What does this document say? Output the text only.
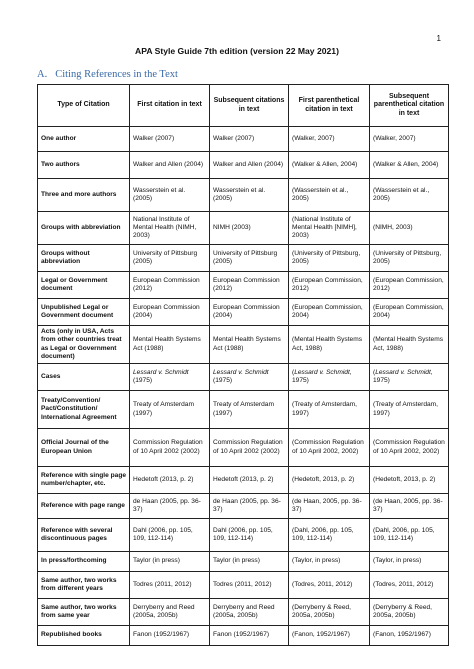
1
APA Style Guide 7th edition (version 22 May 2021)
A. Citing References in the Text
Type of Citation	First citation in text	Subsequent citations in text	First parenthetical citation in text	Subsequent parenthetical citation in text
One author	Walker (2007)	Walker (2007)	(Walker, 2007)	(Walker, 2007)
Two authors	Walker and Allen (2004)	Walker and Allen (2004)	(Walker & Allen, 2004)	(Walker & Allen, 2004)
Three and more authors	Wasserstein et al. (2005)	Wasserstein et al. (2005)	(Wasserstein et al., 2005)	(Wasserstein et al., 2005)
Groups with abbreviation	National Institute of Mental Health (NIMH, 2003)	NIMH (2003)	(National Institute of Mental Health [NIMH], 2003)	(NIMH, 2003)
Groups without abbreviation	University of Pittsburg (2005)	University of Pittsburg (2005)	(University of Pittsburg, 2005)	(University of Pittsburg, 2005)
Legal or Government document	European Commission (2012)	European Commission (2012)	(European Commission, 2012)	(European Commission, 2012)
Unpublished Legal or Government document	European Commission (2004)	European Commission (2004)	(European Commission, 2004)	(European Commission, 2004)
Acts (only in USA, Acts from other countries treat as Legal or Government document)	Mental Health Systems Act (1988)	Mental Health Systems Act (1988)	(Mental Health Systems Act, 1988)	(Mental Health Systems Act, 1988)
Cases	Lessard v. Schmidt (1975)	Lessard v. Schmidt (1975)	(Lessard v. Schmidt, 1975)	(Lessard v. Schmidt, 1975)
Treaty/Convention/ Pact/Constitution/ International Agreement	Treaty of Amsterdam (1997)	Treaty of Amsterdam (1997)	(Treaty of Amsterdam, 1997)	(Treaty of Amsterdam, 1997)
Official Journal of the European Union	Commission Regulation of 10 April 2002 (2002)	Commission Regulation of 10 April 2002 (2002)	(Commission Regulation of 10 April 2002, 2002)	(Commission Regulation of 10 April 2002, 2002)
Reference with single page number/chapter, etc.	Hedetoft (2013, p. 2)	Hedetoft (2013, p. 2)	(Hedetoft, 2013, p. 2)	(Hedetoft, 2013, p. 2)
Reference with page range	de Haan (2005, pp. 36-37)	de Haan (2005, pp. 36-37)	(de Haan, 2005, pp. 36-37)	(de Haan, 2005, pp. 36-37)
Reference with several discontinuous pages	Dahl (2006, pp. 105, 109, 112-114)	Dahl (2006, pp. 105, 109, 112-114)	(Dahl, 2006, pp. 105, 109, 112-114)	(Dahl, 2006, pp. 105, 109, 112-114)
In press/forthcoming	Taylor (in press)	Taylor (in press)	(Taylor, in press)	(Taylor, in press)
Same author, two works from different years	Todres (2011, 2012)	Todres (2011, 2012)	(Todres, 2011, 2012)	(Todres, 2011, 2012)
Same author, two works from same year	Derryberry and Reed (2005a, 2005b)	Derryberry and Reed (2005a, 2005b)	(Derryberry & Reed, 2005a, 2005b)	(Derryberry & Reed, 2005a, 2005b)
Republished books	Fanon (1952/1967)	Fanon (1952/1967)	(Fanon, 1952/1967)	(Fanon, 1952/1967)
